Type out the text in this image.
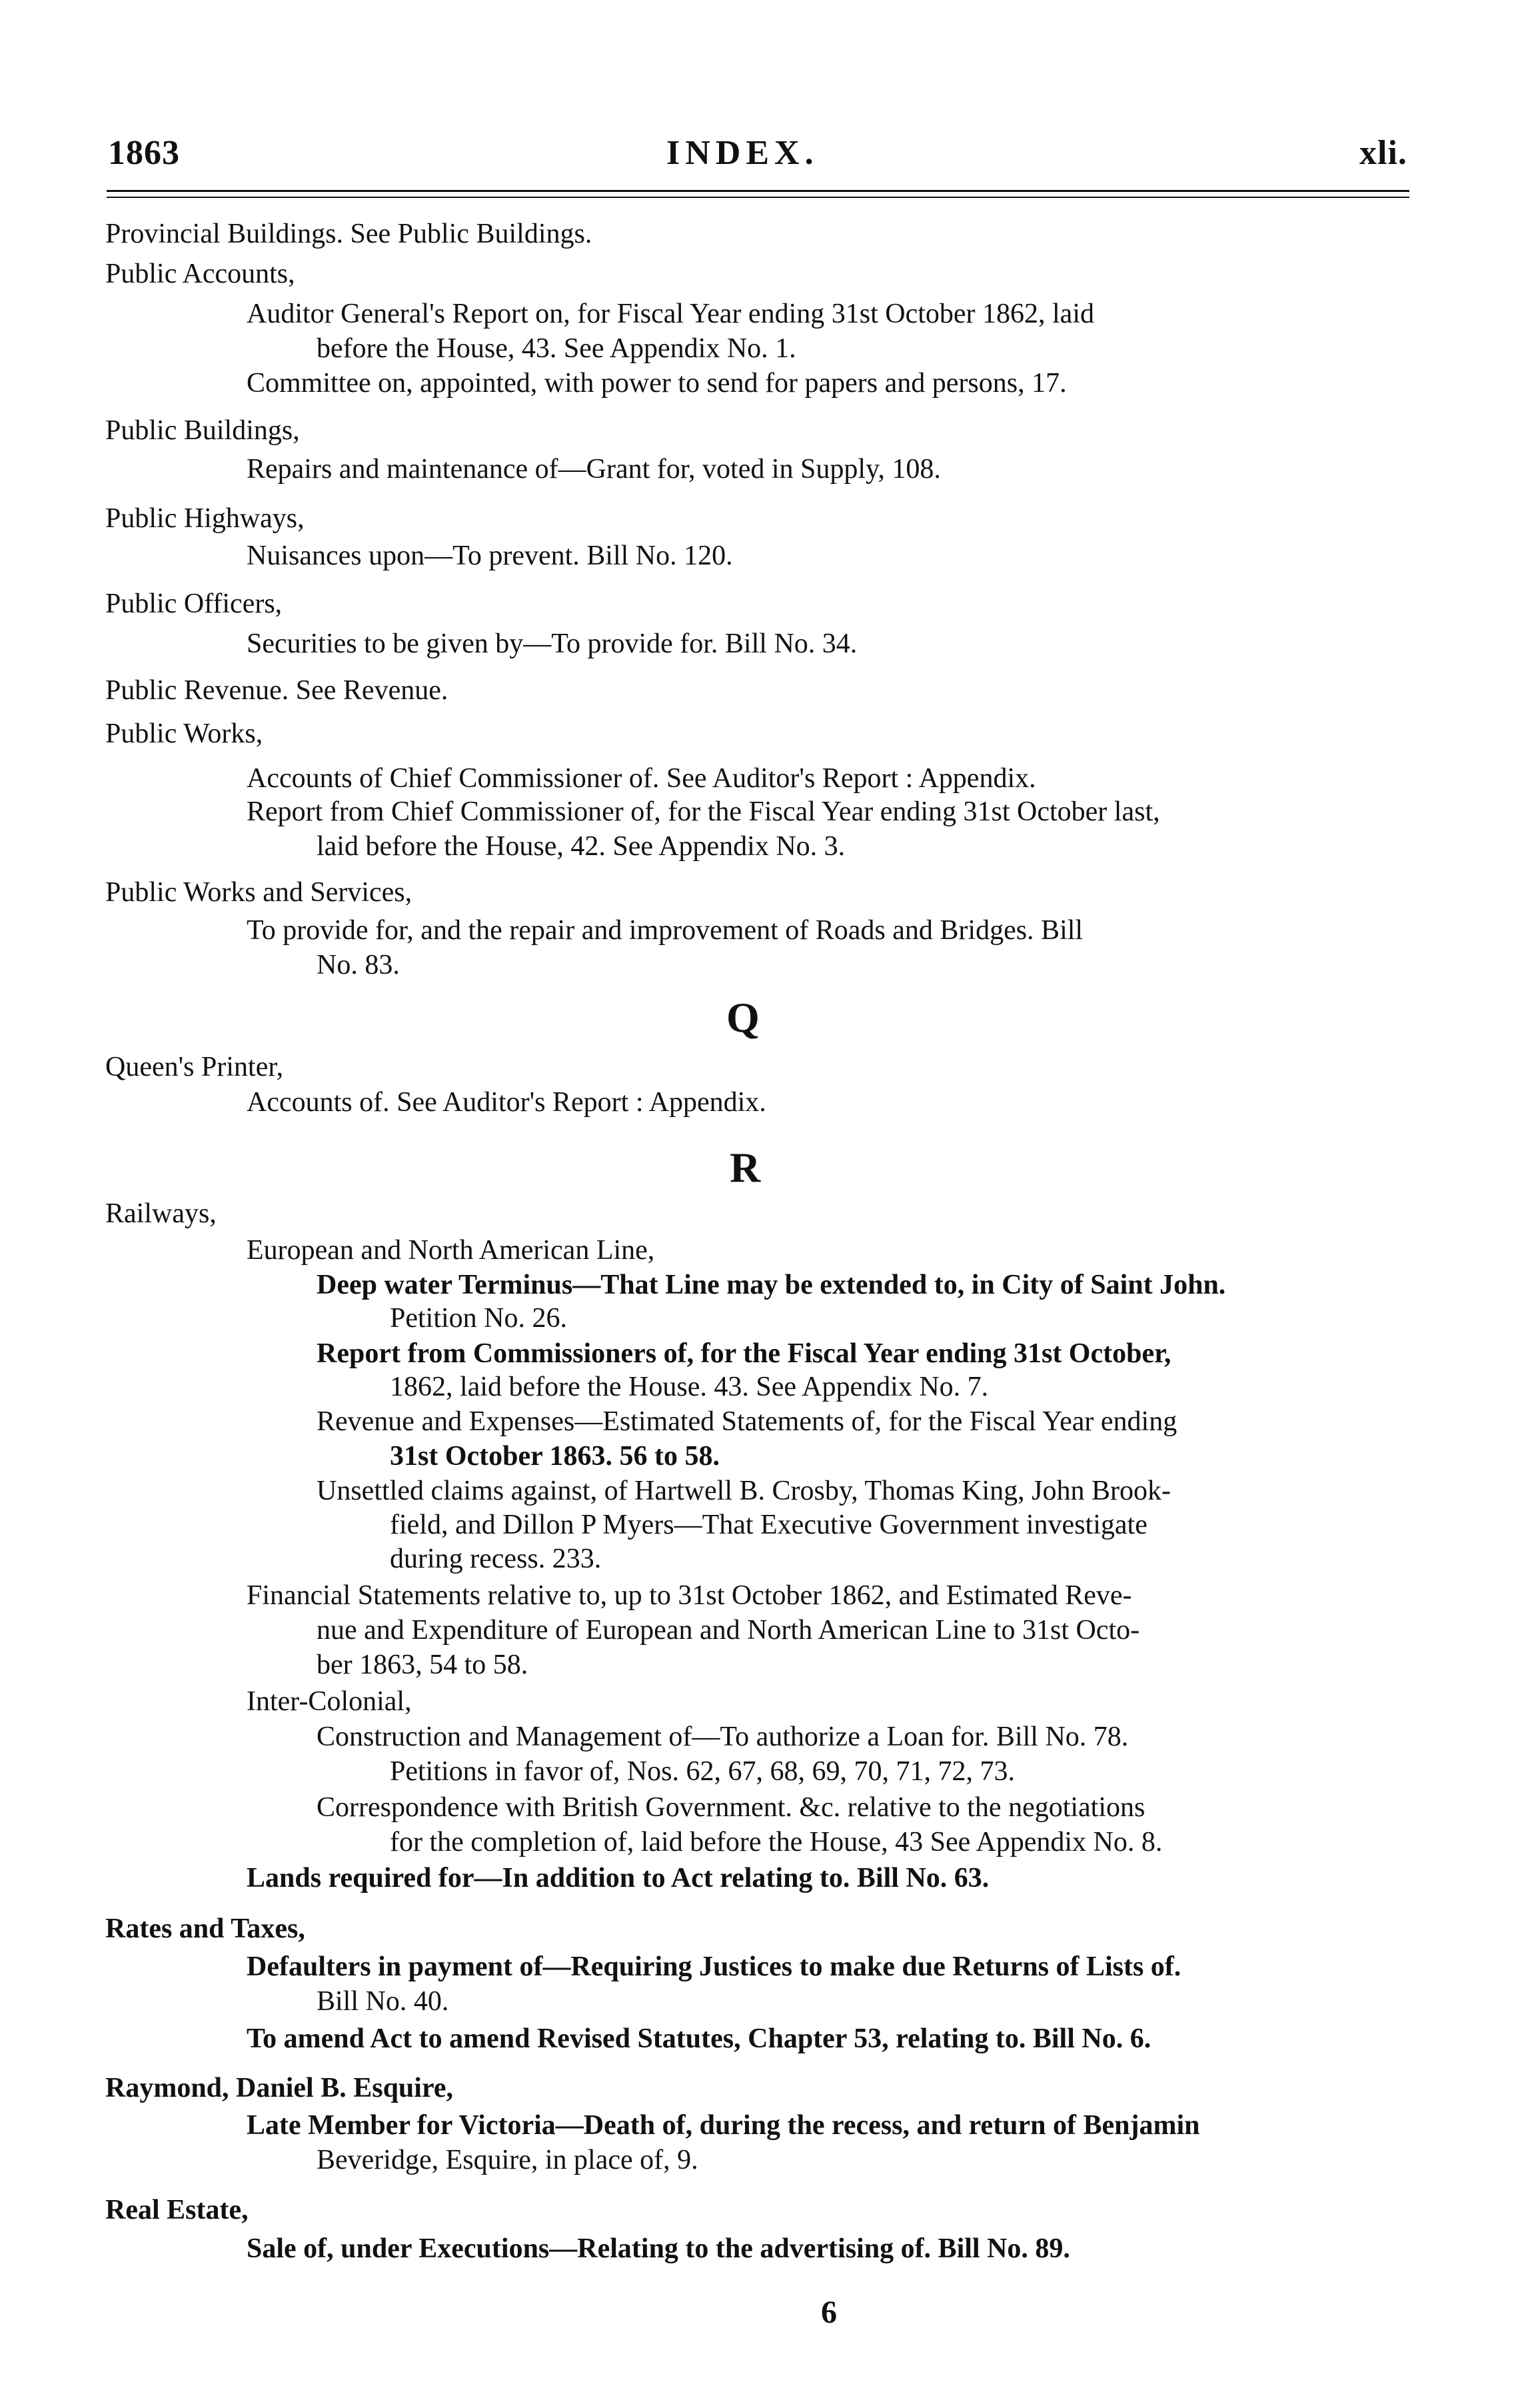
1863	INDEX.	xli.
Provincial Buildings. See Public Buildings.
Public Accounts,
Auditor General's Report on, for Fiscal Year ending 31st October 1862, laid
before the House, 43. See Appendix No. 1.
Committee on, appointed, with power to send for papers and persons, 17.
Public Buildings,
Repairs and maintenance of—Grant for, voted in Supply, 108.
Public Highways,
Nuisances upon—To prevent. Bill No. 120.
Public Officers,
Securities to be given by—To provide for. Bill No. 34.
Public Revenue. See Revenue.
Public Works,
Accounts of Chief Commissioner of. See Auditor's Report : Appendix.
Report from Chief Commissioner of, for the Fiscal Year ending 31st October last,
laid before the House, 42. See Appendix No. 3.
Public Works and Services,
To provide for, and the repair and improvement of Roads and Bridges. Bill
No. 83.
Q
Queen's Printer,
Accounts of. See Auditor's Report : Appendix.
R
Railways,
European and North American Line,
Deep water Terminus—That Line may be extended to, in City of Saint John.
Petition No. 26.
Report from Commissioners of, for the Fiscal Year ending 31st October,
1862, laid before the House. 43. See Appendix No. 7.
Revenue and Expenses—Estimated Statements of, for the Fiscal Year ending
31st October 1863. 56 to 58.
Unsettled claims against, of Hartwell B. Crosby, Thomas King, John Brook-
field, and Dillon P Myers—That Executive Government investigate
during recess. 233.
Financial Statements relative to, up to 31st October 1862, and Estimated Reve-
nue and Expenditure of European and North American Line to 31st Octo-
ber 1863, 54 to 58.
Inter-Colonial,
Construction and Management of—To authorize a Loan for. Bill No. 78.
Petitions in favor of, Nos. 62, 67, 68, 69, 70, 71, 72, 73.
Correspondence with British Government. &c. relative to the negotiations
for the completion of, laid before the House, 43 See Appendix No. 8.
Lands required for—In addition to Act relating to. Bill No. 63.
Rates and Taxes,
Defaulters in payment of—Requiring Justices to make due Returns of Lists of.
Bill No. 40.
To amend Act to amend Revised Statutes, Chapter 53, relating to. Bill No. 6.
Raymond, Daniel B. Esquire,
Late Member for Victoria—Death of, during the recess, and return of Benjamin
Beveridge, Esquire, in place of, 9.
Real Estate,
Sale of, under Executions—Relating to the advertising of. Bill No. 89.
6
